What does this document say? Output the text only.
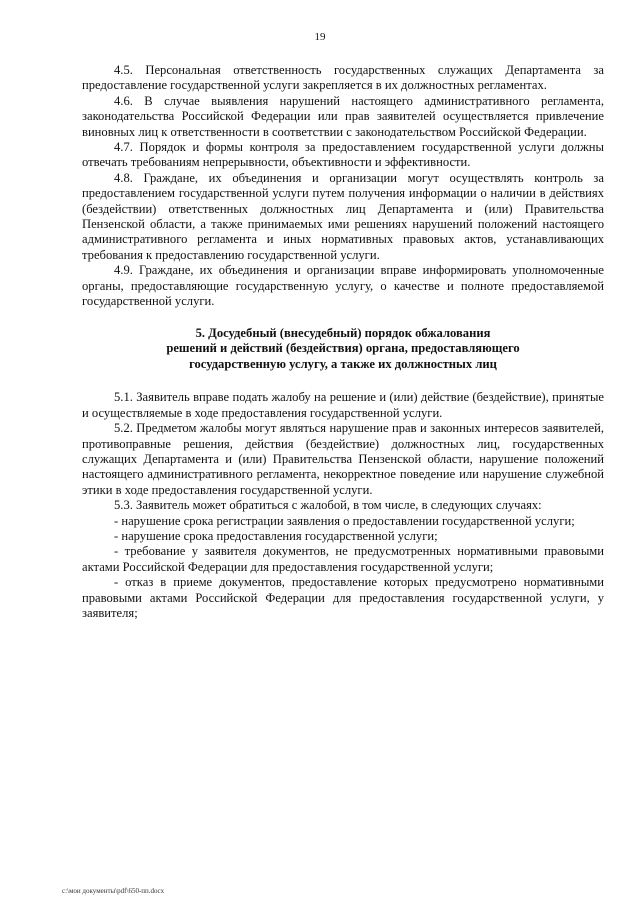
19

4.5. Персональная ответственность государственных служащих Департамента за предоставление государственной услуги закрепляется в их должностных регламентах.

4.6. В случае выявления нарушений настоящего административного регламента, законодательства Российской Федерации или прав заявителей осуществляется привлечение виновных лиц к ответственности в соответствии с законодательством Российской Федерации.

4.7. Порядок и формы контроля за предоставлением государственной услуги должны отвечать требованиям непрерывности, объективности и эффективности.

4.8. Граждане, их объединения и организации могут осуществлять контроль за предоставлением государственной услуги путем получения информации о наличии в действиях (бездействии) ответственных должностных лиц Департамента и (или) Правительства Пензенской области, а также принимаемых ими решениях нарушений положений настоящего административного регламента и иных нормативных правовых актов, устанавливающих требования к предоставлению государственной услуги.

4.9. Граждане, их объединения и организации вправе информировать уполномоченные органы, предоставляющие государственную услугу, о качестве и полноте предоставляемой государственной услуги.

5. Досудебный (внесудебный) порядок обжалования
решений и действий (бездействия) органа, предоставляющего
государственную услугу, а также их должностных лиц

5.1. Заявитель вправе подать жалобу на решение и (или) действие (бездействие), принятые и осуществляемые в ходе предоставления государственной услуги.

5.2. Предметом жалобы могут являться нарушение прав и законных интересов заявителей, противоправные решения, действия (бездействие) должностных лиц, государственных служащих Департамента и (или) Правительства Пензенской области, нарушение положений настоящего административного регламента, некорректное поведение или нарушение служебной этики в ходе предоставления государственной услуги.

5.3. Заявитель может обратиться с жалобой, в том числе, в следующих случаях:

- нарушение срока регистрации заявления о предоставлении государственной услуги;

- нарушение срока предоставления государственной услуги;

- требование у заявителя документов, не предусмотренных нормативными правовыми актами Российской Федерации для предоставления государственной услуги;

- отказ в приеме документов, предоставление которых предусмотрено нормативными правовыми актами Российской Федерации для предоставления государственной услуги, у заявителя;

c:\мои документы\pdf\650-пп.docx
